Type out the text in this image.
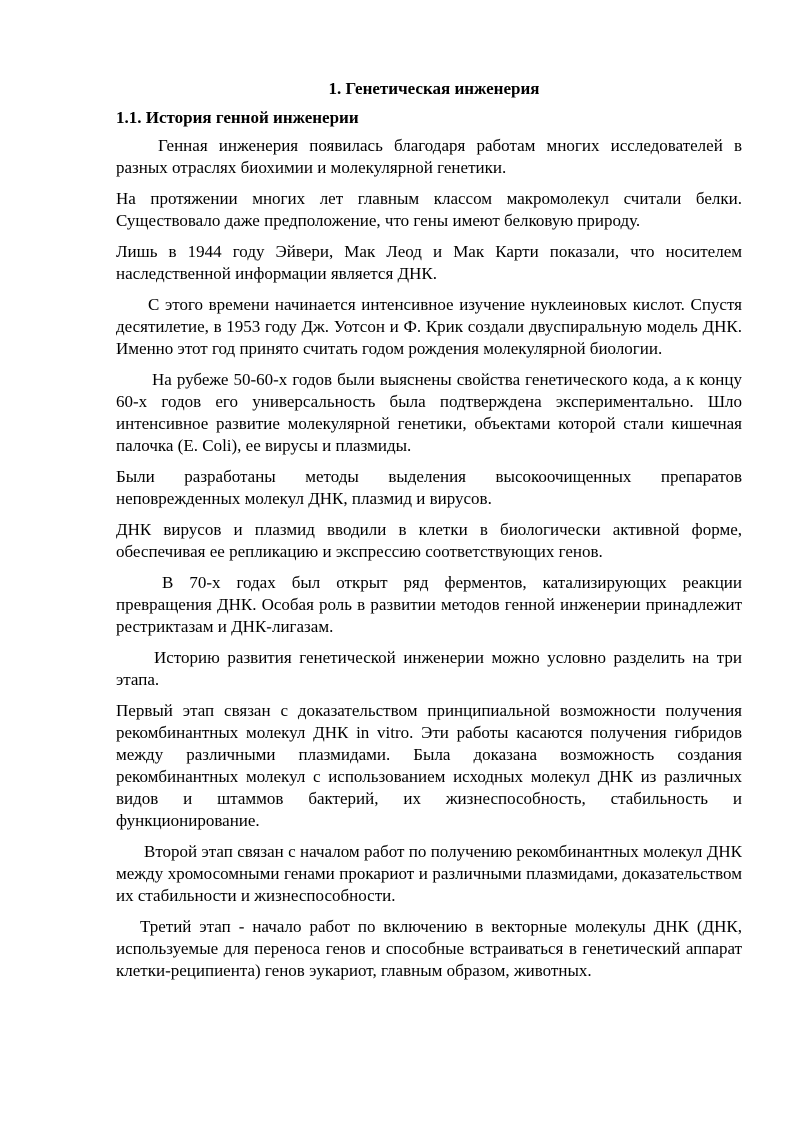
1. Генетическая инженерия
1.1. История генной инженерии

Генная инженерия появилась благодаря работам многих исследователей в разных отраслях биохимии и молекулярной генетики.

На протяжении многих лет главным классом макромолекул считали белки. Существовало даже предположение, что гены имеют белковую природу.

Лишь в 1944 году Эйвери, Мак Леод и Мак Карти показали, что носителем наследственной информации является ДНК.

С этого времени начинается интенсивное изучение нуклеиновых кислот. Спустя десятилетие, в 1953 году Дж. Уотсон и Ф. Крик создали двуспиральную модель ДНК. Именно этот год принято считать годом рождения молекулярной биологии.

На рубеже 50-60-х годов были выяснены свойства генетического кода, а к концу 60-х годов его универсальность была подтверждена экспериментально. Шло интенсивное развитие молекулярной генетики, объектами которой стали кишечная палочка (E. Coli), ее вирусы и плазмиды.

Были разработаны методы выделения высокоочищенных препаратов неповрежденных молекул ДНК, плазмид и вирусов.

ДНК вирусов и плазмид вводили в клетки в биологически активной форме, обеспечивая ее репликацию и экспрессию соответствующих генов.

В 70-х годах был открыт ряд ферментов, катализирующих реакции превращения ДНК. Особая роль в развитии методов генной инженерии принадлежит рестриктазам и ДНК-лигазам.

Историю развития генетической инженерии можно условно разделить на три этапа.

Первый этап связан с доказательством принципиальной возможности получения рекомбинантных молекул ДНК in vitro. Эти работы касаются получения гибридов между различными плазмидами. Была доказана возможность создания рекомбинантных молекул с использованием исходных молекул ДНК из различных видов и штаммов бактерий, их жизнеспособность, стабильность и функционирование.

Второй этап связан с началом работ по получению рекомбинантных молекул ДНК между хромосомными генами прокариот и различными плазмидами, доказательством их стабильности и жизнеспособности.

Третий этап - начало работ по включению в векторные молекулы ДНК (ДНК, используемые для переноса генов и способные встраиваться в генетический аппарат клетки-реципиента) генов эукариот, главным образом, животных.
